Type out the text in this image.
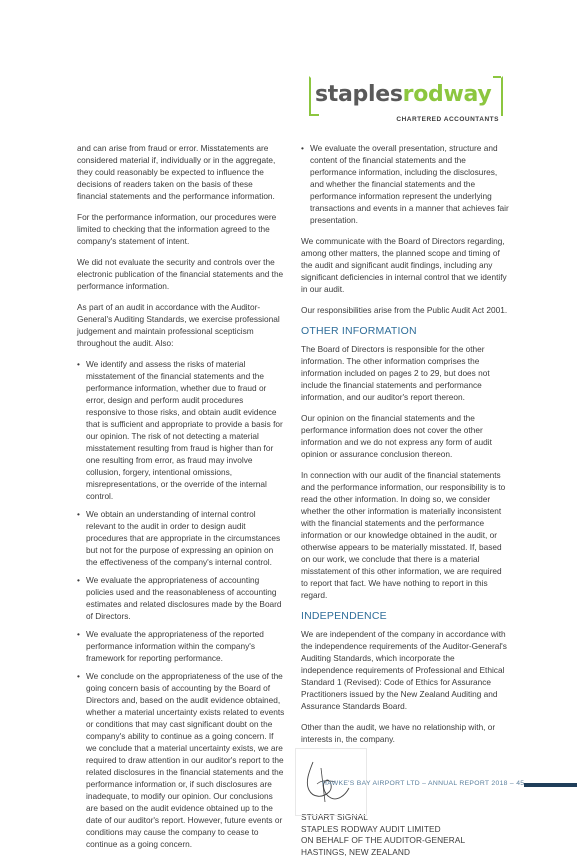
staplesrodway
CHARTERED ACCOUNTANTS

and can arise from fraud or error. Misstatements are considered material if, individually or in the aggregate, they could reasonably be expected to influence the decisions of readers taken on the basis of these financial statements and the performance information.

For the performance information, our procedures were limited to checking that the information agreed to the company's statement of intent.

We did not evaluate the security and controls over the electronic publication of the financial statements and the performance information.

As part of an audit in accordance with the Auditor-General's Auditing Standards, we exercise professional judgement and maintain professional scepticism throughout the audit. Also:

• We identify and assess the risks of material misstatement of the financial statements and the performance information, whether due to fraud or error, design and perform audit procedures responsive to those risks, and obtain audit evidence that is sufficient and appropriate to provide a basis for our opinion. The risk of not detecting a material misstatement resulting from fraud is higher than for one resulting from error, as fraud may involve collusion, forgery, intentional omissions, misrepresentations, or the override of the internal control.
• We obtain an understanding of internal control relevant to the audit in order to design audit procedures that are appropriate in the circumstances but not for the purpose of expressing an opinion on the effectiveness of the company's internal control.
• We evaluate the appropriateness of accounting policies used and the reasonableness of accounting estimates and related disclosures made by the Board of Directors.
• We evaluate the appropriateness of the reported performance information within the company's framework for reporting performance.
• We conclude on the appropriateness of the use of the going concern basis of accounting by the Board of Directors and, based on the audit evidence obtained, whether a material uncertainty exists related to events or conditions that may cast significant doubt on the company's ability to continue as a going concern. If we conclude that a material uncertainty exists, we are required to draw attention in our auditor's report to the related disclosures in the financial statements and the performance information or, if such disclosures are inadequate, to modify our opinion. Our conclusions are based on the audit evidence obtained up to the date of our auditor's report. However, future events or conditions may cause the company to cease to continue as a going concern.
• We evaluate the overall presentation, structure and content of the financial statements and the performance information, including the disclosures, and whether the financial statements and the performance information represent the underlying transactions and events in a manner that achieves fair presentation.

We communicate with the Board of Directors regarding, among other matters, the planned scope and timing of the audit and significant audit findings, including any significant deficiencies in internal control that we identify in our audit.

Our responsibilities arise from the Public Audit Act 2001.

OTHER INFORMATION

The Board of Directors is responsible for the other information. The other information comprises the information included on pages 2 to 29, but does not include the financial statements and performance information, and our auditor's report thereon.

Our opinion on the financial statements and the performance information does not cover the other information and we do not express any form of audit opinion or assurance conclusion thereon.

In connection with our audit of the financial statements and the performance information, our responsibility is to read the other information. In doing so, we consider whether the other information is materially inconsistent with the financial statements and the performance information or our knowledge obtained in the audit, or otherwise appears to be materially misstated. If, based on our work, we conclude that there is a material misstatement of this other information, we are required to report that fact. We have nothing to report in this regard.

INDEPENDENCE

We are independent of the company in accordance with the independence requirements of the Auditor-General's Auditing Standards, which incorporate the independence requirements of Professional and Ethical Standard 1 (Revised): Code of Ethics for Assurance Practitioners issued by the New Zealand Auditing and Assurance Standards Board.

Other than the audit, we have no relationship with, or interests in, the company.

STUART SIGNAL
STAPLES RODWAY AUDIT LIMITED
ON BEHALF OF THE AUDITOR-GENERAL
HASTINGS, NEW ZEALAND
HAWKE'S BAY AIRPORT LTD – ANNUAL REPORT 2018 – 45
